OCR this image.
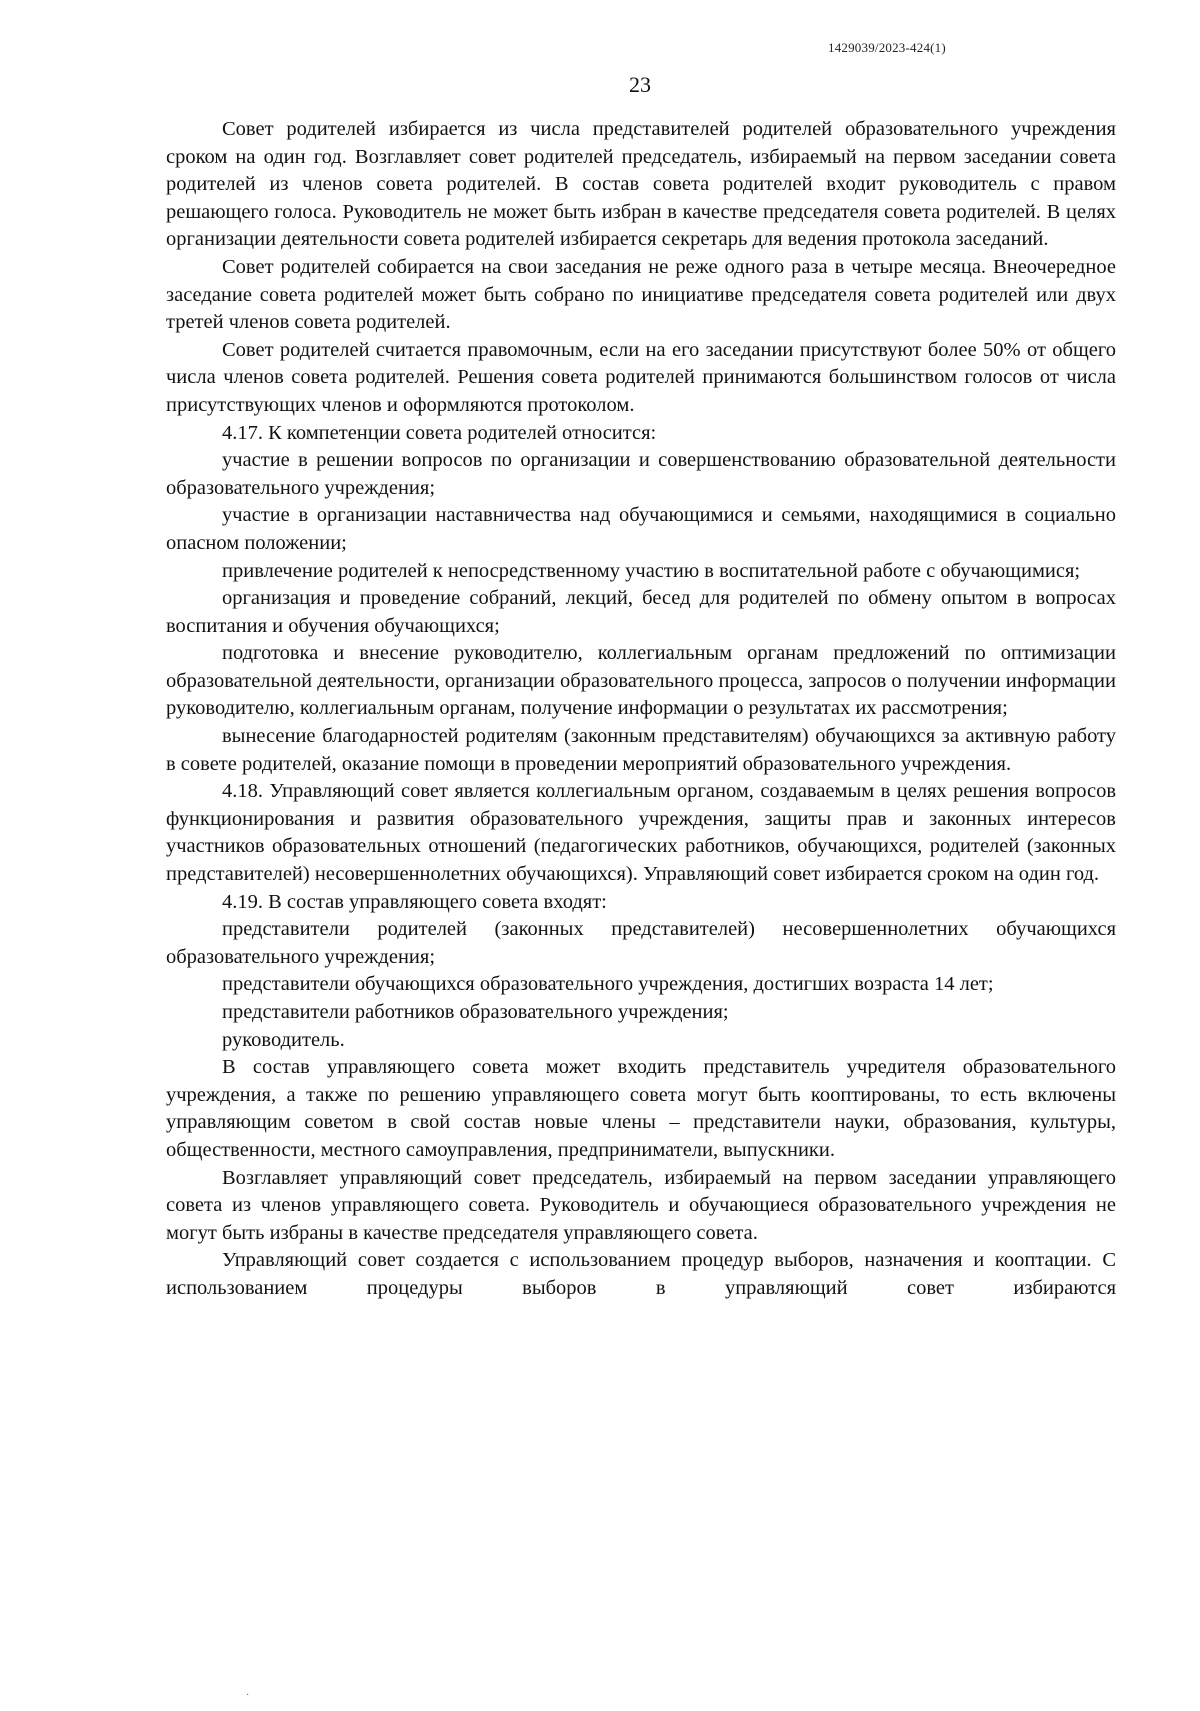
1429039/2023-424(1)
23

Совет родителей избирается из числа представителей родителей образовательного учреждения сроком на один год. Возглавляет совет родителей председатель, избираемый на первом заседании совета родителей из членов совета родителей. В состав совета родителей входит руководитель с правом решающего голоса. Руководитель не может быть избран в качестве председателя совета родителей. В целях организации деятельности совета родителей избирается секретарь для ведения протокола заседаний.

Совет родителей собирается на свои заседания не реже одного раза в четыре месяца. Внеочередное заседание совета родителей может быть собрано по инициативе председателя совета родителей или двух третей членов совета родителей.

Совет родителей считается правомочным, если на его заседании присутствуют более 50% от общего числа членов совета родителей. Решения совета родителей принимаются большинством голосов от числа присутствующих членов и оформляются протоколом.

4.17. К компетенции совета родителей относится:

участие в решении вопросов по организации и совершенствованию образовательной деятельности образовательного учреждения;

участие в организации наставничества над обучающимися и семьями, находящимися в социально опасном положении;

привлечение родителей к непосредственному участию в воспитательной работе с обучающимися;

организация и проведение собраний, лекций, бесед для родителей по обмену опытом в вопросах воспитания и обучения обучающихся;

подготовка и внесение руководителю, коллегиальным органам предложений по оптимизации образовательной деятельности, организации образовательного процесса, запросов о получении информации руководителю, коллегиальным органам, получение информации о результатах их рассмотрения;

вынесение благодарностей родителям (законным представителям) обучающихся за активную работу в совете родителей, оказание помощи в проведении мероприятий образовательного учреждения.

4.18. Управляющий совет является коллегиальным органом, создаваемым в целях решения вопросов функционирования и развития образовательного учреждения, защиты прав и законных интересов участников образовательных отношений (педагогических работников, обучающихся, родителей (законных представителей) несовершеннолетних обучающихся). Управляющий совет избирается сроком на один год.

4.19. В состав управляющего совета входят:

представители родителей (законных представителей) несовершеннолетних обучающихся образовательного учреждения;

представители обучающихся образовательного учреждения, достигших возраста 14 лет;

представители работников образовательного учреждения;

руководитель.

В состав управляющего совета может входить представитель учредителя образовательного учреждения, а также по решению управляющего совета могут быть кооптированы, то есть включены управляющим советом в свой состав новые члены – представители науки, образования, культуры, общественности, местного самоуправления, предприниматели, выпускники.

Возглавляет управляющий совет председатель, избираемый на первом заседании управляющего совета из членов управляющего совета. Руководитель и обучающиеся образовательного учреждения не могут быть избраны в качестве председателя управляющего совета.

Управляющий совет создается с использованием процедур выборов, назначения и кооптации. С использованием процедуры выборов в управляющий совет избираются

·
